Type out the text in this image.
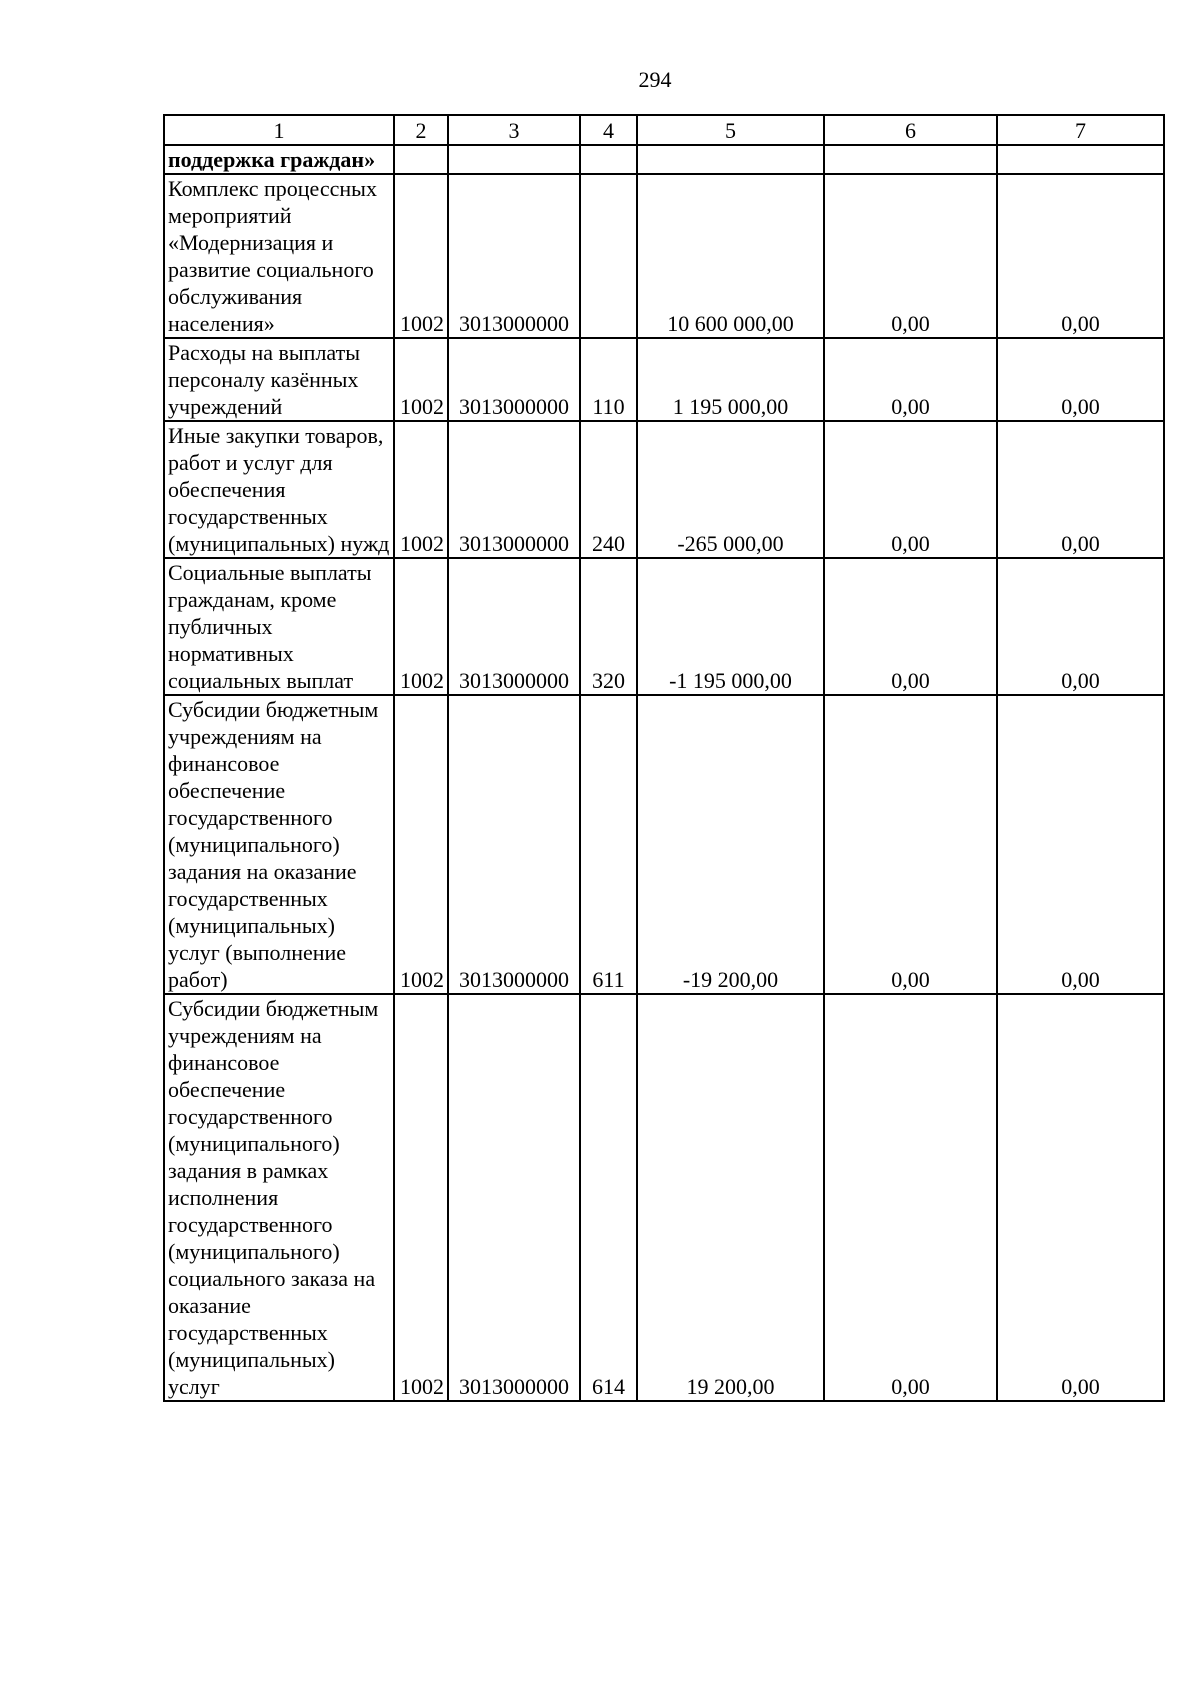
294
1	2	3	4	5	6	7
поддержка граждан»						
Комплекс процессных мероприятий «Модернизация и развитие социального обслуживания населения»	1002	3013000000		10 600 000,00	0,00	0,00
Расходы на выплаты персоналу казённых учреждений	1002	3013000000	110	1 195 000,00	0,00	0,00
Иные закупки товаров, работ и услуг для обеспечения государственных (муниципальных) нужд	1002	3013000000	240	-265 000,00	0,00	0,00
Социальные выплаты гражданам, кроме публичных нормативных социальных выплат	1002	3013000000	320	-1 195 000,00	0,00	0,00
Субсидии бюджетным учреждениям на финансовое обеспечение государственного (муниципального) задания на оказание государственных (муниципальных) услуг (выполнение работ)	1002	3013000000	611	-19 200,00	0,00	0,00
Субсидии бюджетным учреждениям на финансовое обеспечение государственного (муниципального) задания в рамках исполнения государственного (муниципального) социального заказа на оказание государственных (муниципальных) услуг	1002	3013000000	614	19 200,00	0,00	0,00
